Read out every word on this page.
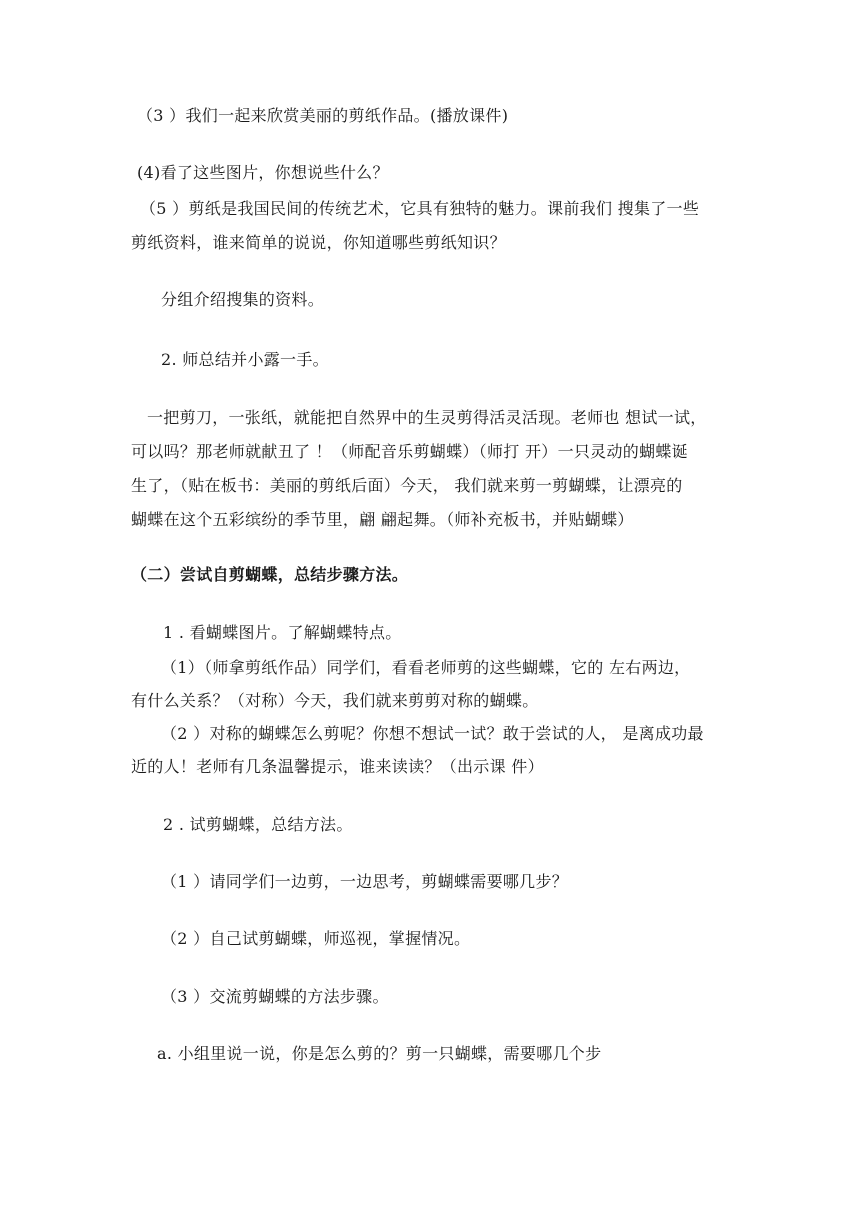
（3 ）我们一起来欣赏美丽的剪纸作品。(播放课件)

(4)看了这些图片，你想说些什么？

（5 ）剪纸是我国民间的传统艺术，它具有独特的魅力。课前我们 搜集了一些

剪纸资料，谁来简单的说说，你知道哪些剪纸知识？

分组介绍搜集的资料。

2. 师总结并小露一手。

一把剪刀，一张纸，就能把自然界中的生灵剪得活灵活现。老师也 想试一试，

可以吗？那老师就献丑了 ！（师配音乐剪蝴蝶）（师打 开）一只灵动的蝴蝶诞

生了，（贴在板书：美丽的剪纸后面）今天， 我们就来剪一剪蝴蝶，让漂亮的

蝴蝶在这个五彩缤纷的季节里，翩 翩起舞。（师补充板书，并贴蝴蝶）

（二）尝试自剪蝴蝶，总结步骤方法。

1 . 看蝴蝶图片。了解蝴蝶特点。

（1）（师拿剪纸作品）同学们，看看老师剪的这些蝴蝶，它的 左右两边，

有什么关系？（对称）今天，我们就来剪剪对称的蝴蝶。

（2 ）对称的蝴蝶怎么剪呢？你想不想试一试？敢于尝试的人， 是离成功最

近的人！老师有几条温馨提示，谁来读读？（出示课 件）

2 . 试剪蝴蝶，总结方法。

（1 ）请同学们一边剪，一边思考，剪蝴蝶需要哪几步？

（2 ）自己试剪蝴蝶，师巡视，掌握情况。

（3 ）交流剪蝴蝶的方法步骤。

a. 小组里说一说，你是怎么剪的？剪一只蝴蝶，需要哪几个步
